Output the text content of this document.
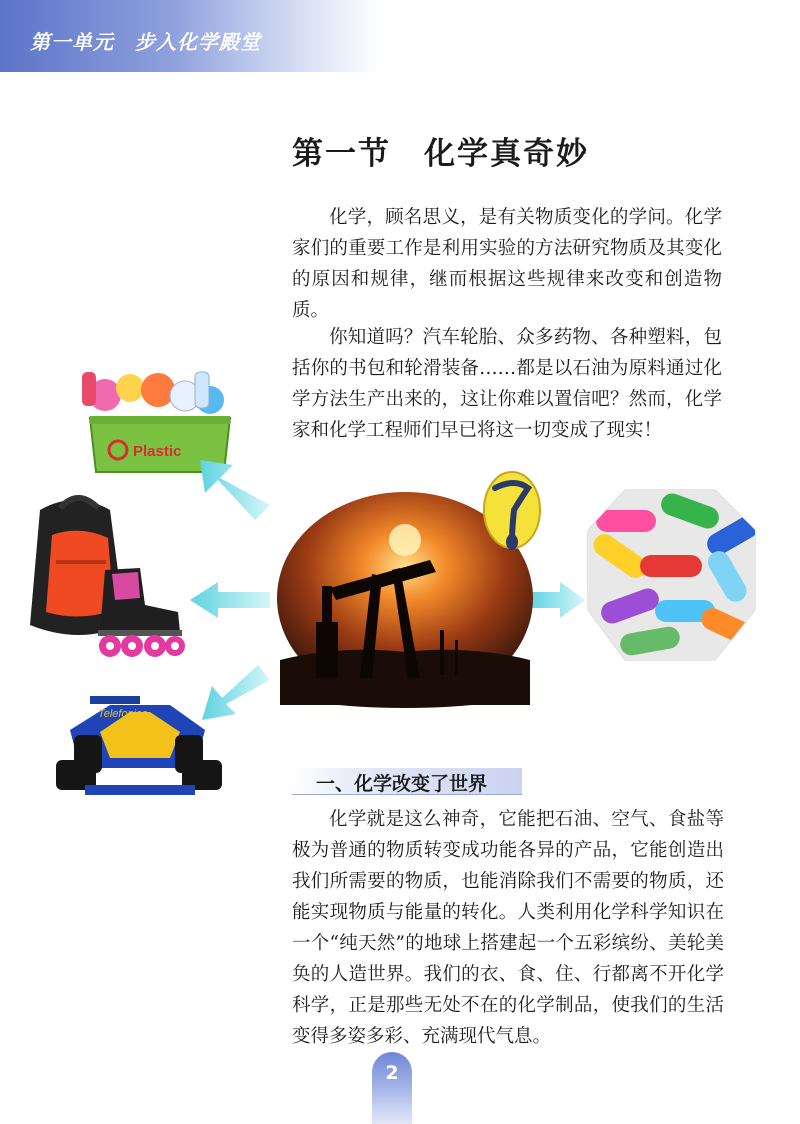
第一单元　步入化学殿堂
第一节　化学真奇妙

化学，顾名思义，是有关物质变化的学问。化学家们的重要工作是利用实验的方法研究物质及其变化的原因和规律，继而根据这些规律来改变和创造物质。

你知道吗？汽车轮胎、众多药物、各种塑料，包括你的书包和轮滑装备……都是以石油为原料通过化学方法生产出来的，这让你难以置信吧？然而，化学家和化学工程师们早已将这一切变成了现实！

Plastic
Telefonica
一、化学改变了世界

化学就是这么神奇，它能把石油、空气、食盐等极为普通的物质转变成功能各异的产品，它能创造出我们所需要的物质，也能消除我们不需要的物质，还能实现物质与能量的转化。人类利用化学科学知识在一个“纯天然”的地球上搭建起一个五彩缤纷、美轮美奂的人造世界。我们的衣、食、住、行都离不开化学科学，正是那些无处不在的化学制品，使我们的生活变得多姿多彩、充满现代气息。

2
